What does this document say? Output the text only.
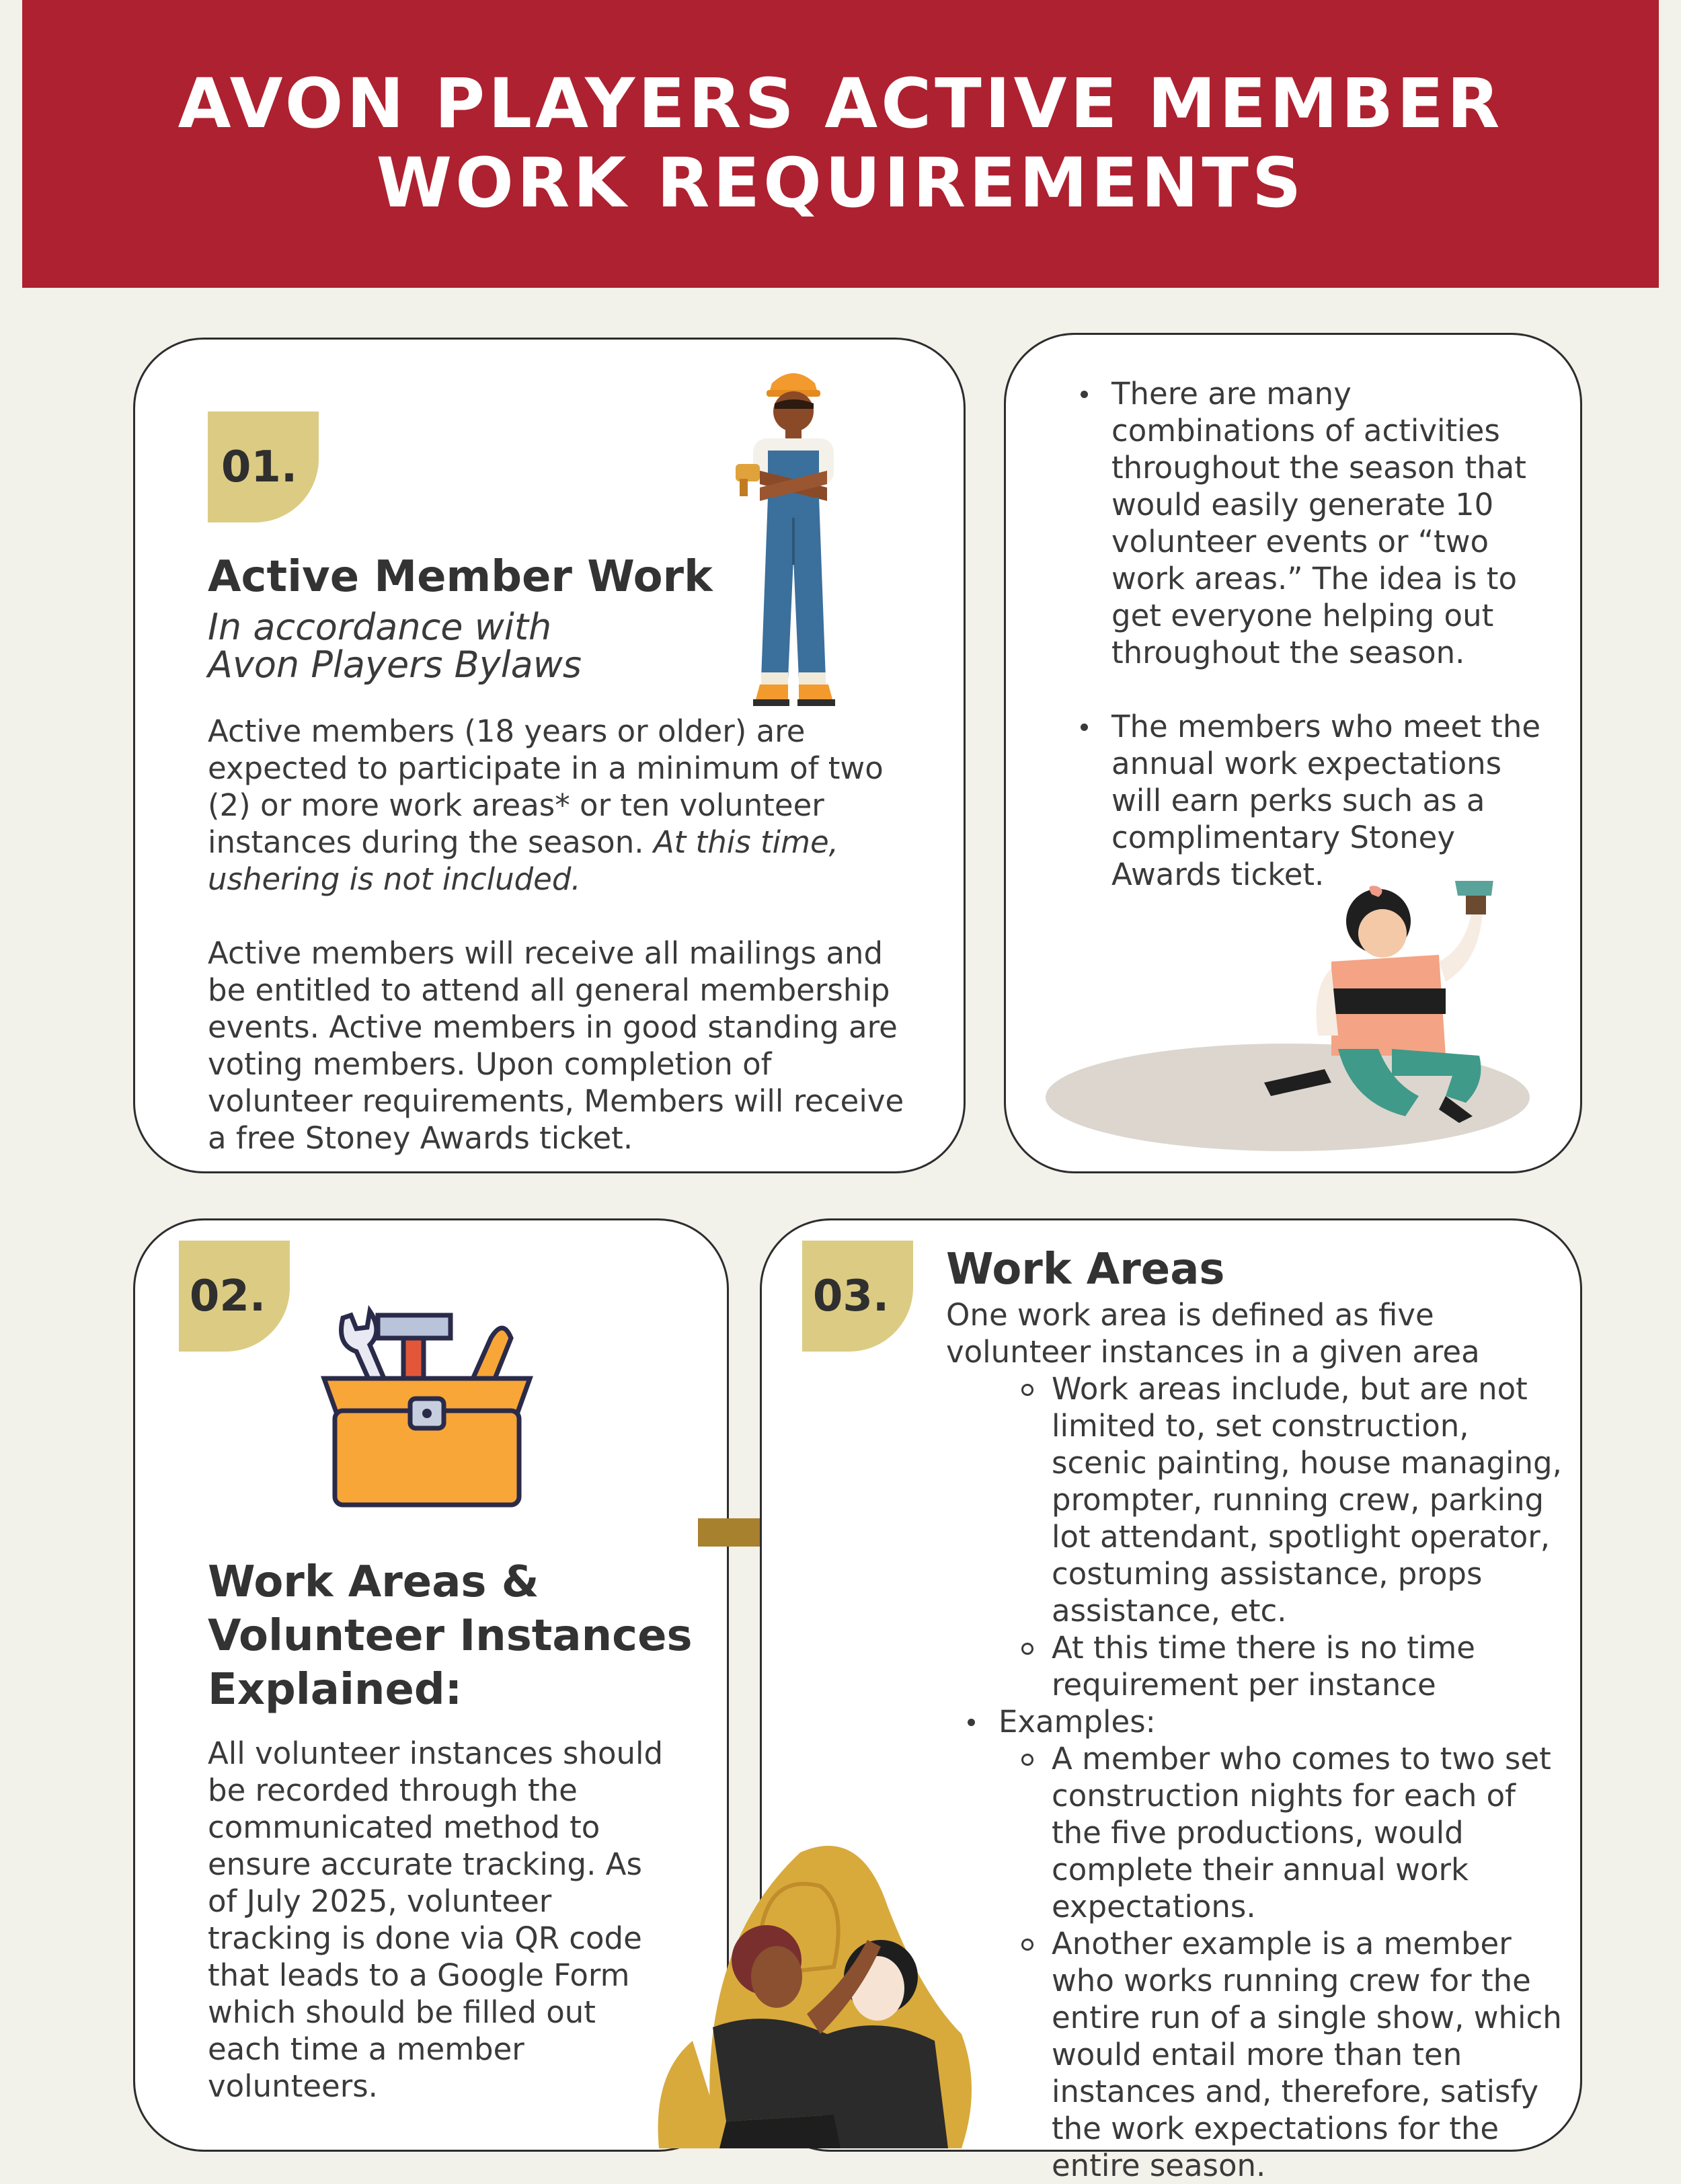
AVON PLAYERS ACTIVE MEMBER
WORK REQUIREMENTS
01.
Active Member Work
In accordance with
Avon Players Bylaws

Active members (18 years or older) are expected to participate in a minimum of two (2) or more work areas* or ten volunteer instances during the season. At this time, ushering is not included.

Active members will receive all mailings and be entitled to attend all general membership events. Active members in good standing are voting members. Upon completion of volunteer requirements, Members will receive a free Stoney Awards ticket.

There are many combinations of activities throughout the season that would easily generate 10 volunteer events or “two work areas.” The idea is to get everyone helping out throughout the season.
The members who meet the annual work expectations will earn perks such as a complimentary Stoney Awards ticket.
02.
Work Areas &
Volunteer Instances
Explained:
All volunteer instances should be recorded through the communicated method to ensure accurate tracking. As of July 2025, volunteer tracking is done via QR code that leads to a Google Form which should be filled out each time a member volunteers.
03.
Work Areas
One work area is defined as five volunteer instances in a given area
Work areas include, but are not limited to, set construction, scenic painting, house managing, prompter, running crew, parking lot attendant, spotlight operator, costuming assistance, props assistance, etc.
At this time there is no time requirement per instance
Examples:
A member who comes to two set construction nights for each of the five productions, would complete their annual work expectations.
Another example is a member who works running crew for the entire run of a single show, which would entail more than ten instances and, therefore, satisfy the work expectations for the entire season.
